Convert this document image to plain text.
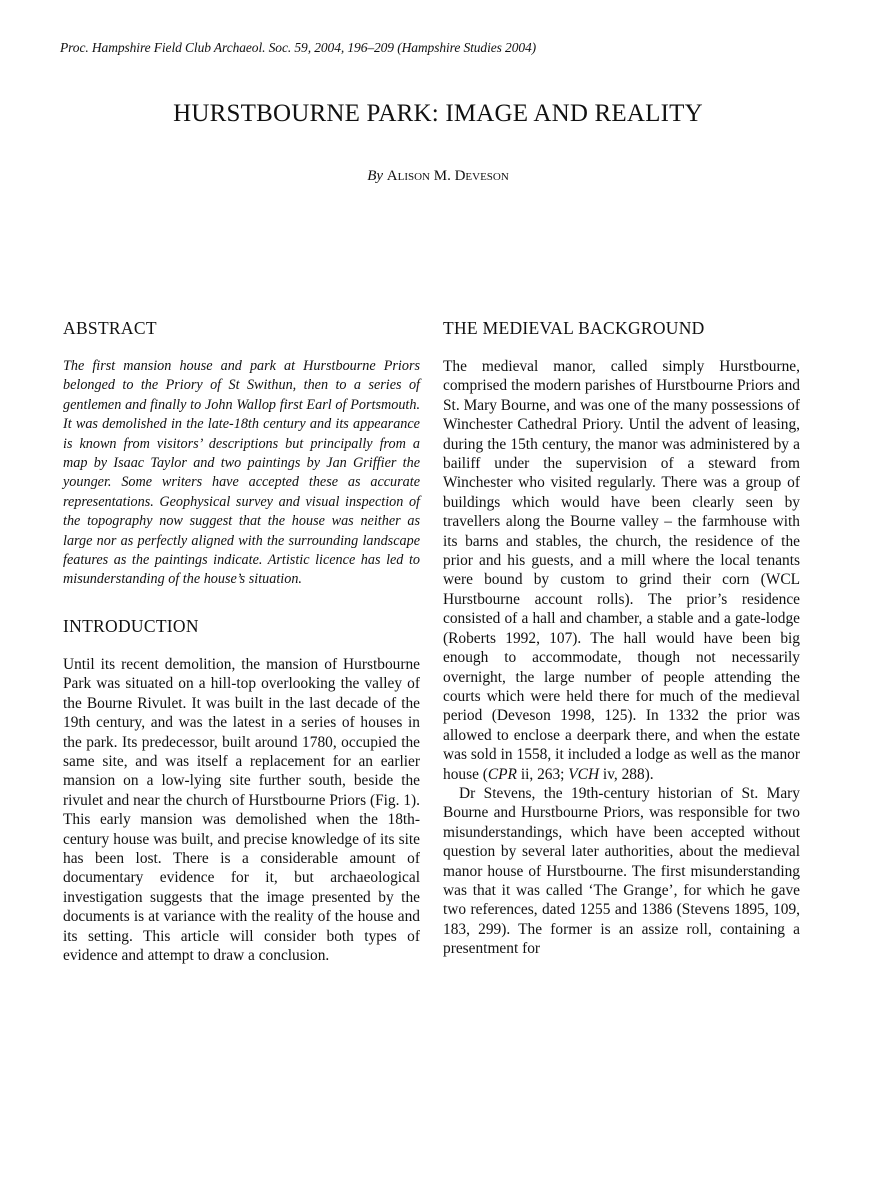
Proc. Hampshire Field Club Archaeol. Soc. 59, 2004, 196–209 (Hampshire Studies 2004)
HURSTBOURNE PARK: IMAGE AND REALITY
By Alison M. Deveson
ABSTRACT

The first mansion house and park at Hurstbourne Priors belonged to the Priory of St Swithun, then to a series of gentlemen and finally to John Wallop first Earl of Portsmouth. It was demolished in the late-18th century and its appearance is known from visitors’ descriptions but principally from a map by Isaac Taylor and two paintings by Jan Griffier the younger. Some writers have accepted these as accurate representations. Geophysical survey and visual inspection of the topography now suggest that the house was neither as large nor as perfectly aligned with the surrounding landscape features as the paintings indicate. Artistic licence has led to misunderstanding of the house’s situation.

INTRODUCTION

Until its recent demolition, the mansion of Hurstbourne Park was situated on a hill-top overlooking the valley of the Bourne Rivulet. It was built in the last decade of the 19th century, and was the latest in a series of houses in the park. Its predecessor, built around 1780, occupied the same site, and was itself a replacement for an earlier mansion on a low-lying site further south, beside the rivulet and near the church of Hurstbourne Priors (Fig. 1). This early mansion was demolished when the 18th-century house was built, and precise knowledge of its site has been lost. There is a considerable amount of documentary evidence for it, but archaeological investigation suggests that the image presented by the documents is at variance with the reality of the house and its setting. This article will consider both types of evidence and attempt to draw a conclusion.

THE MEDIEVAL BACKGROUND

The medieval manor, called simply Hurstbourne, comprised the modern parishes of Hurstbourne Priors and St. Mary Bourne, and was one of the many possessions of Winchester Cathedral Priory. Until the advent of leasing, during the 15th century, the manor was administered by a bailiff under the supervision of a steward from Winchester who visited regularly. There was a group of buildings which would have been clearly seen by travellers along the Bourne valley – the farmhouse with its barns and stables, the church, the residence of the prior and his guests, and a mill where the local tenants were bound by custom to grind their corn (WCL Hurstbourne account rolls). The prior’s residence consisted of a hall and chamber, a stable and a gate-lodge (Roberts 1992, 107). The hall would have been big enough to accommodate, though not necessarily overnight, the large number of people attending the courts which were held there for much of the medieval period (Deveson 1998, 125). In 1332 the prior was allowed to enclose a deerpark there, and when the estate was sold in 1558, it included a lodge as well as the manor house (CPR ii, 263; VCH iv, 288).

Dr Stevens, the 19th-century historian of St. Mary Bourne and Hurstbourne Priors, was responsible for two misunderstandings, which have been accepted without question by several later authorities, about the medieval manor house of Hurstbourne. The first misunderstanding was that it was called ‘The Grange’, for which he gave two references, dated 1255 and 1386 (Stevens 1895, 109, 183, 299). The former is an assize roll, containing a presentment for
